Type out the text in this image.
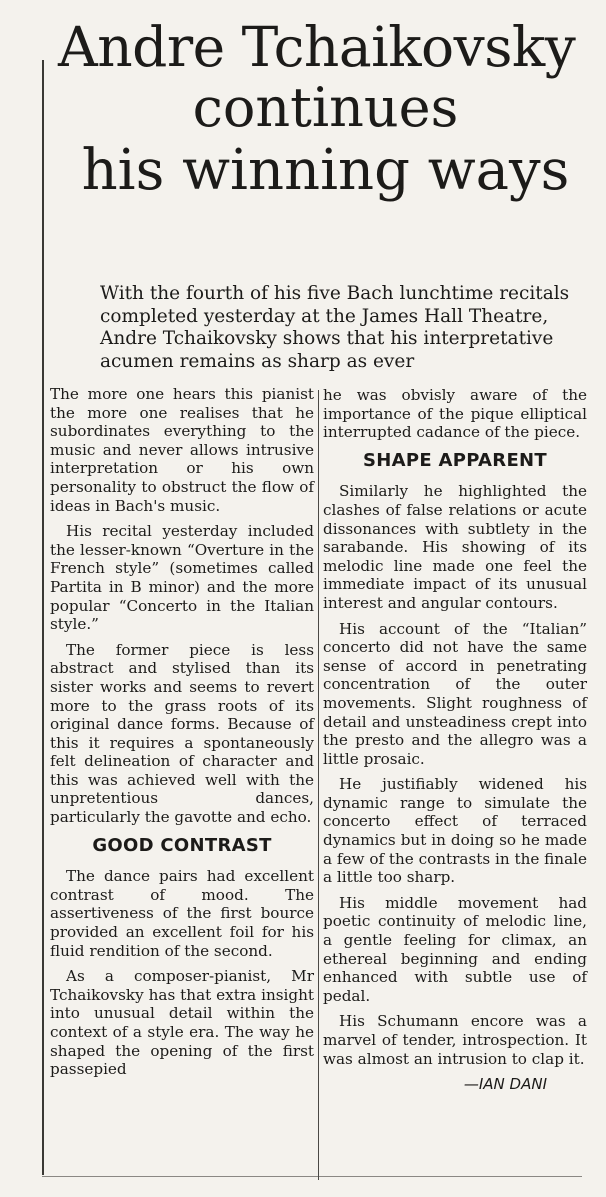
Andre Tchaikovsky
continues
his winning ways
With the fourth of his five Bach lunchtime recitals completed yesterday at the James Hall Theatre, Andre Tchaikovsky shows that his interpretative acumen remains as sharp as ever

The more one hears this pianist the more one realises that he subordinates everything to the music and never allows intrusive interpretation or his own personality to obstruct the flow of ideas in Bach's music.

His recital yesterday included the lesser-known “Overture in the French style” (sometimes called Partita in B minor) and the more popular “Concerto in the Italian style.”

The former piece is less abstract and stylised than its sister works and seems to revert more to the grass roots of its original dance forms. Because of this it requires a spontaneously felt delineation of character and this was achieved well with the unpretentious dances, particularly the gavotte and echo.

GOOD CONTRAST

The dance pairs had excellent contrast of mood. The assertiveness of the first bource provided an excellent foil for his fluid rendition of the second.

As a composer-pianist, Mr Tchaikovsky has that extra insight into unusual detail within the context of a style era. The way he shaped the opening of the first passepied

he was obvisly aware of the importance of the pique elliptical interrupted cadance of the piece.

SHAPE APPARENT

Similarly he highlighted the clashes of false relations or acute dissonances with subtlety in the sarabande. His showing of its melodic line made one feel the immediate impact of its unusual interest and angular contours.

His account of the “Italian” concerto did not have the same sense of accord in penetrating concentration of the outer movements. Slight roughness of detail and unsteadiness crept into the presto and the allegro was a little prosaic.

He justifiably widened his dynamic range to simulate the concerto effect of terraced dynamics but in doing so he made a few of the contrasts in the finale a little too sharp.

His middle movement had poetic continuity of melodic line, a gentle feeling for climax, an ethereal beginning and ending enhanced with subtle use of pedal.

His Schumann encore was a marvel of tender, introspection. It was almost an intrusion to clap it.

—IAN DANI
